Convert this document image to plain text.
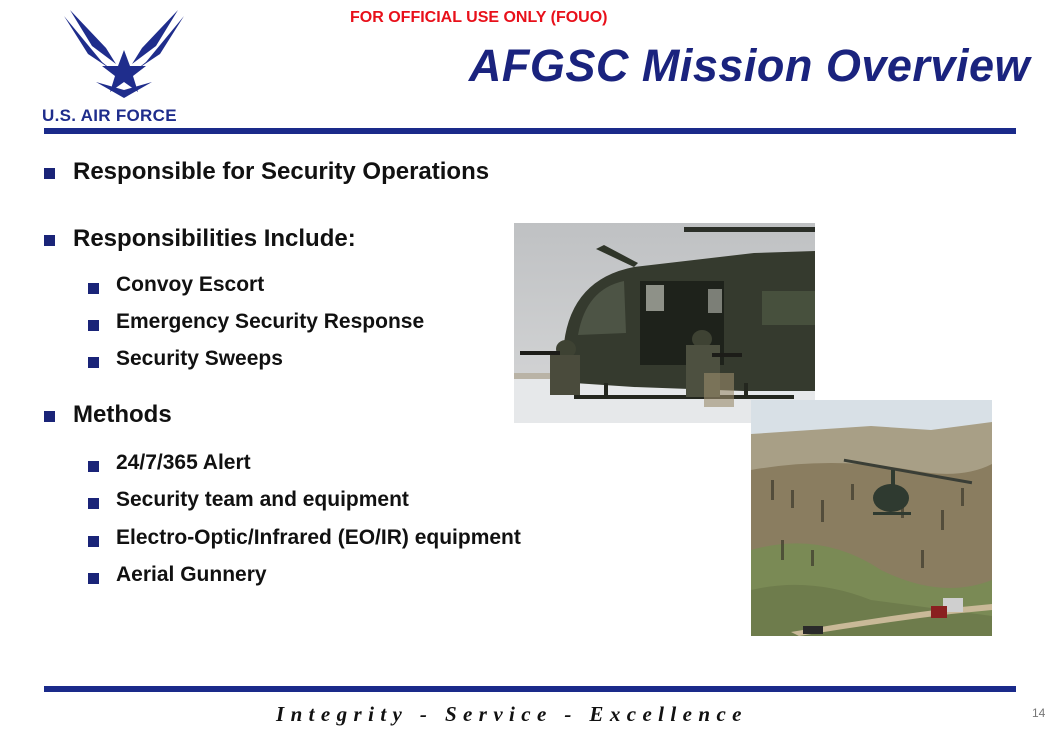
FOR OFFICIAL USE ONLY (FOUO)
U.S. AIR FORCE
AFGSC Mission Overview
Responsible for Security Operations
Responsibilities Include:
Convoy Escort
Emergency Security Response
Security Sweeps
Methods
24/7/365 Alert
Security team and equipment
Electro-Optic/Infrared (EO/IR) equipment
Aerial Gunnery
Integrity - Service - Excellence	14
